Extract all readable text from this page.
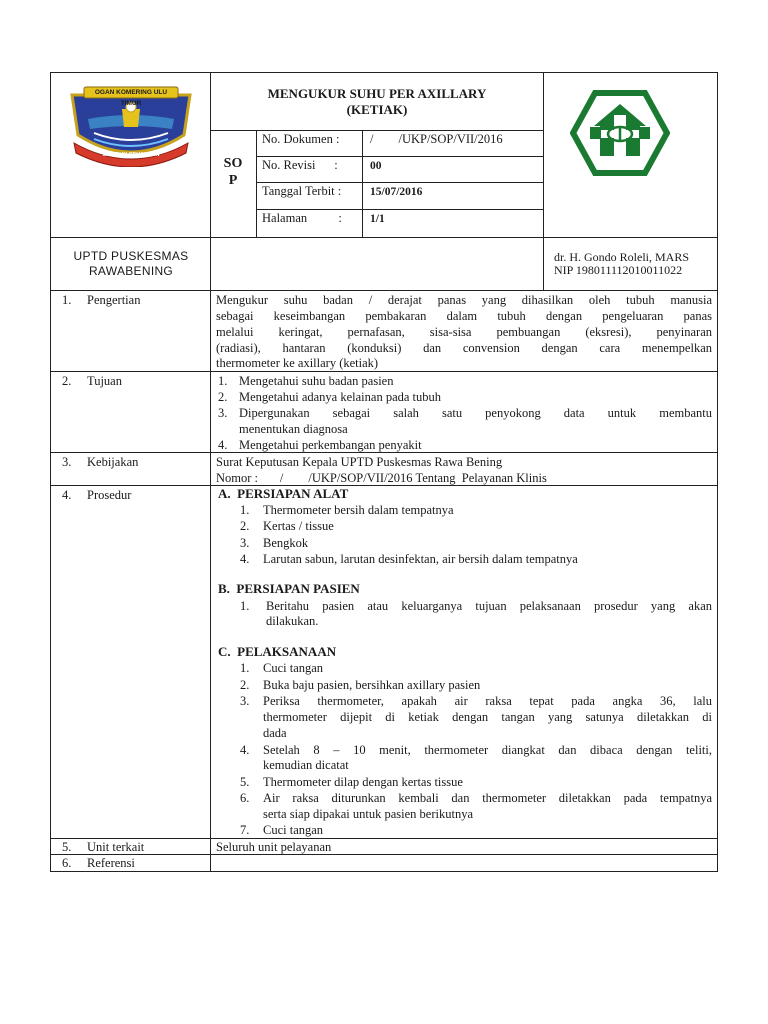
OGAN KOMERING ULU TIMUR
SEBIDUK SEHALUAN
MENGUKUR SUHU PER AXILLARY
(KETIAK)
SO
P
No. Dokumen : /        /UKP/SOP/VII/2016
No. Revisi      :	00
Tanggal Terbit :	15/07/2016
Halaman          : 1/1
UPTD PUSKESMAS
RAWABENING
dr. H. Gondo Roleli, MARS
NIP 198011112010011022
1. Pengertian	Mengukur suhu badan / derajat panas yang dihasilkan oleh tubuh manusia
sebagai keseimbangan pembakaran dalam tubuh dengan pengeluaran panas
melalui keringat, pernafasan, sisa-sisa pembuangan (eksresi), penyinaran
(radiasi), hantaran (konduksi) dan convension dengan cara menempelkan
thermometer ke axillary (ketiak)
2. Tujuan	1. Mengetahui suhu badan pasien
2. Mengetahui adanya kelainan pada tubuh
3. Dipergunakan sebagai salah satu penyokong data untuk membantu
menentukan diagnosa
4. Mengetahui perkembangan penyakit
3. Kebijakan	Surat Keputusan Kepala UPTD Puskesmas Rawa Bening
Nomor :       /        /UKP/SOP/VII/2016 Tentang  Pelayanan Klinis
4. Prosedur	A.  PERSIAPAN ALAT
1. Thermometer bersih dalam tempatnya
2. Kertas / tissue
3. Bengkok
4. Larutan sabun, larutan desinfektan, air bersih dalam tempatnya
B.  PERSIAPAN PASIEN
1. Beritahu pasien atau keluarganya tujuan pelaksanaan prosedur yang akan
dilakukan.
C.  PELAKSANAAN
1. Cuci tangan
2. Buka baju pasien, bersihkan axillary pasien
3. Periksa thermometer, apakah air raksa tepat pada angka 36, lalu
thermometer dijepit di ketiak dengan tangan yang satunya diletakkan di
dada
4. Setelah 8 – 10 menit, thermometer diangkat dan dibaca dengan teliti,
kemudian dicatat
5. Thermometer dilap dengan kertas tissue
6. Air raksa diturunkan kembali dan thermometer diletakkan pada tempatnya
serta siap dipakai untuk pasien berikutnya
7. Cuci tangan
5. Unit terkait	Seluruh unit pelayanan
6. Referensi
